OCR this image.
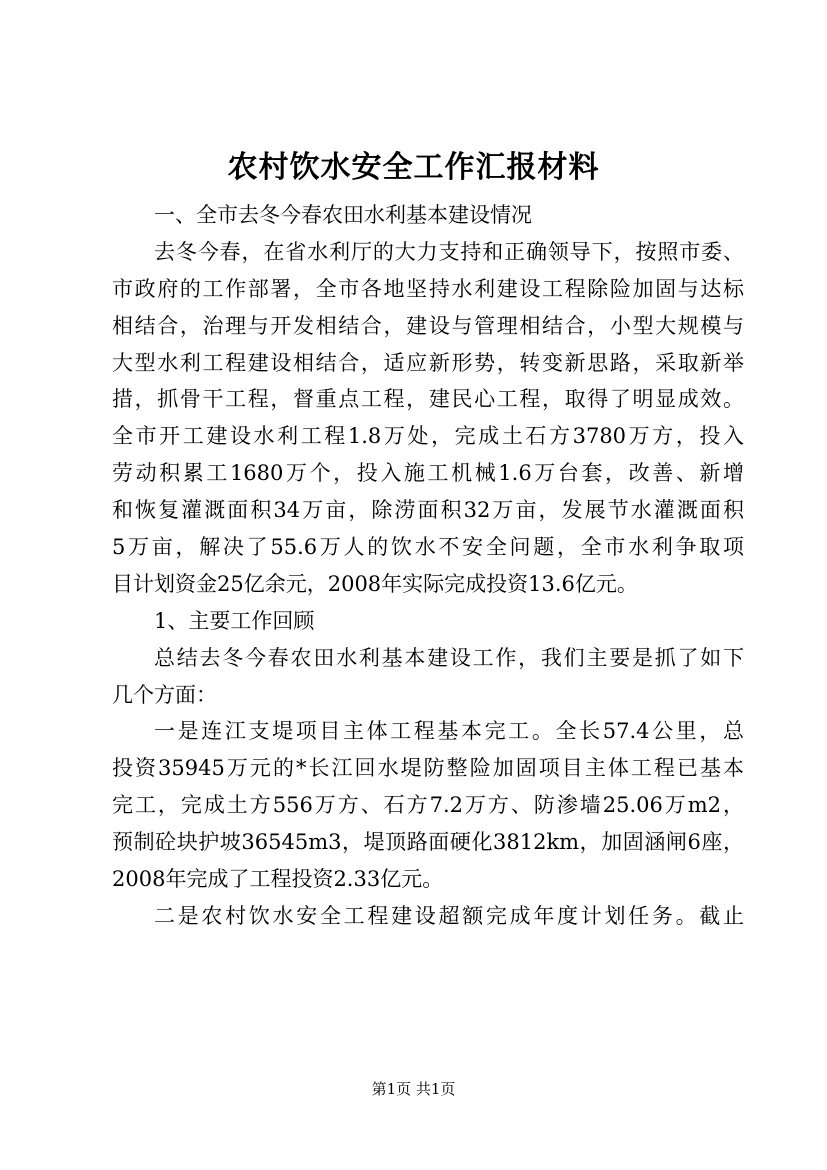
农村饮水安全工作汇报材料
一、全市去冬今春农田水利基本建设情况
去冬今春，在省水利厅的大力支持和正确领导下，按照市委、
市政府的工作部署，全市各地坚持水利建设工程除险加固与达标
相结合，治理与开发相结合，建设与管理相结合，小型大规模与
大型水利工程建设相结合，适应新形势，转变新思路，采取新举
措，抓骨干工程，督重点工程，建民心工程，取得了明显成效。
全市开工建设水利工程1.8万处，完成土石方3780万方，投入
劳动积累工1680万个，投入施工机械1.6万台套，改善、新增
和恢复灌溉面积34万亩，除涝面积32万亩，发展节水灌溉面积
5万亩，解决了55.6万人的饮水不安全问题，全市水利争取项
目计划资金25亿余元，2008年实际完成投资13.6亿元。
1、主要工作回顾
总结去冬今春农田水利基本建设工作，我们主要是抓了如下
几个方面：
一是连江支堤项目主体工程基本完工。全长57.4公里，总
投资35945万元的*长江回水堤防整险加固项目主体工程已基本
完工，完成土方556万方、石方7.2万方、防渗墙25.06万m2，
预制砼块护坡36545m3，堤顶路面硬化3812km，加固涵闸6座，
2008年完成了工程投资2.33亿元。
二是农村饮水安全工程建设超额完成年度计划任务。截止
第1页 共1页
